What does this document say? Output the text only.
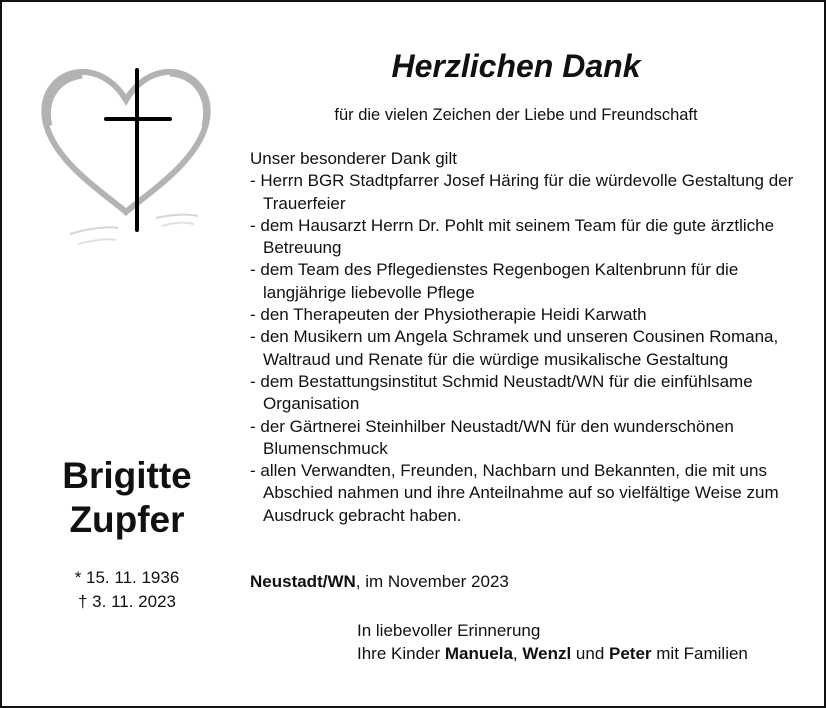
Brigitte
Zupfer
* 15. 11. 1936
† 3. 11. 2023
Herzlichen Dank
für die vielen Zeichen der Liebe und Freundschaft
Unser besonderer Dank gilt
- Herrn BGR Stadtpfarrer Josef Häring für die würdevolle Gestaltung der Trauerfeier
- dem Hausarzt Herrn Dr. Pohlt mit seinem Team für die gute ärztliche Betreuung
- dem Team des Pflegedienstes Regenbogen Kaltenbrunn für die langjährige liebevolle Pflege
- den Therapeuten der Physiotherapie Heidi Karwath
- den Musikern um Angela Schramek und unseren Cousinen Romana, Waltraud und Renate für die würdige musikalische Gestaltung
- dem Bestattungsinstitut Schmid Neustadt/WN für die einfühlsame Organisation
- der Gärtnerei Steinhilber Neustadt/WN für den wunderschönen Blumenschmuck
- allen Verwandten, Freunden, Nachbarn und Bekannten, die mit uns Abschied nahmen und ihre Anteilnahme auf so vielfältige Weise zum Ausdruck gebracht haben.
Neustadt/WN, im November 2023
In liebevoller Erinnerung
Ihre Kinder Manuela, Wenzl und Peter mit Familien
